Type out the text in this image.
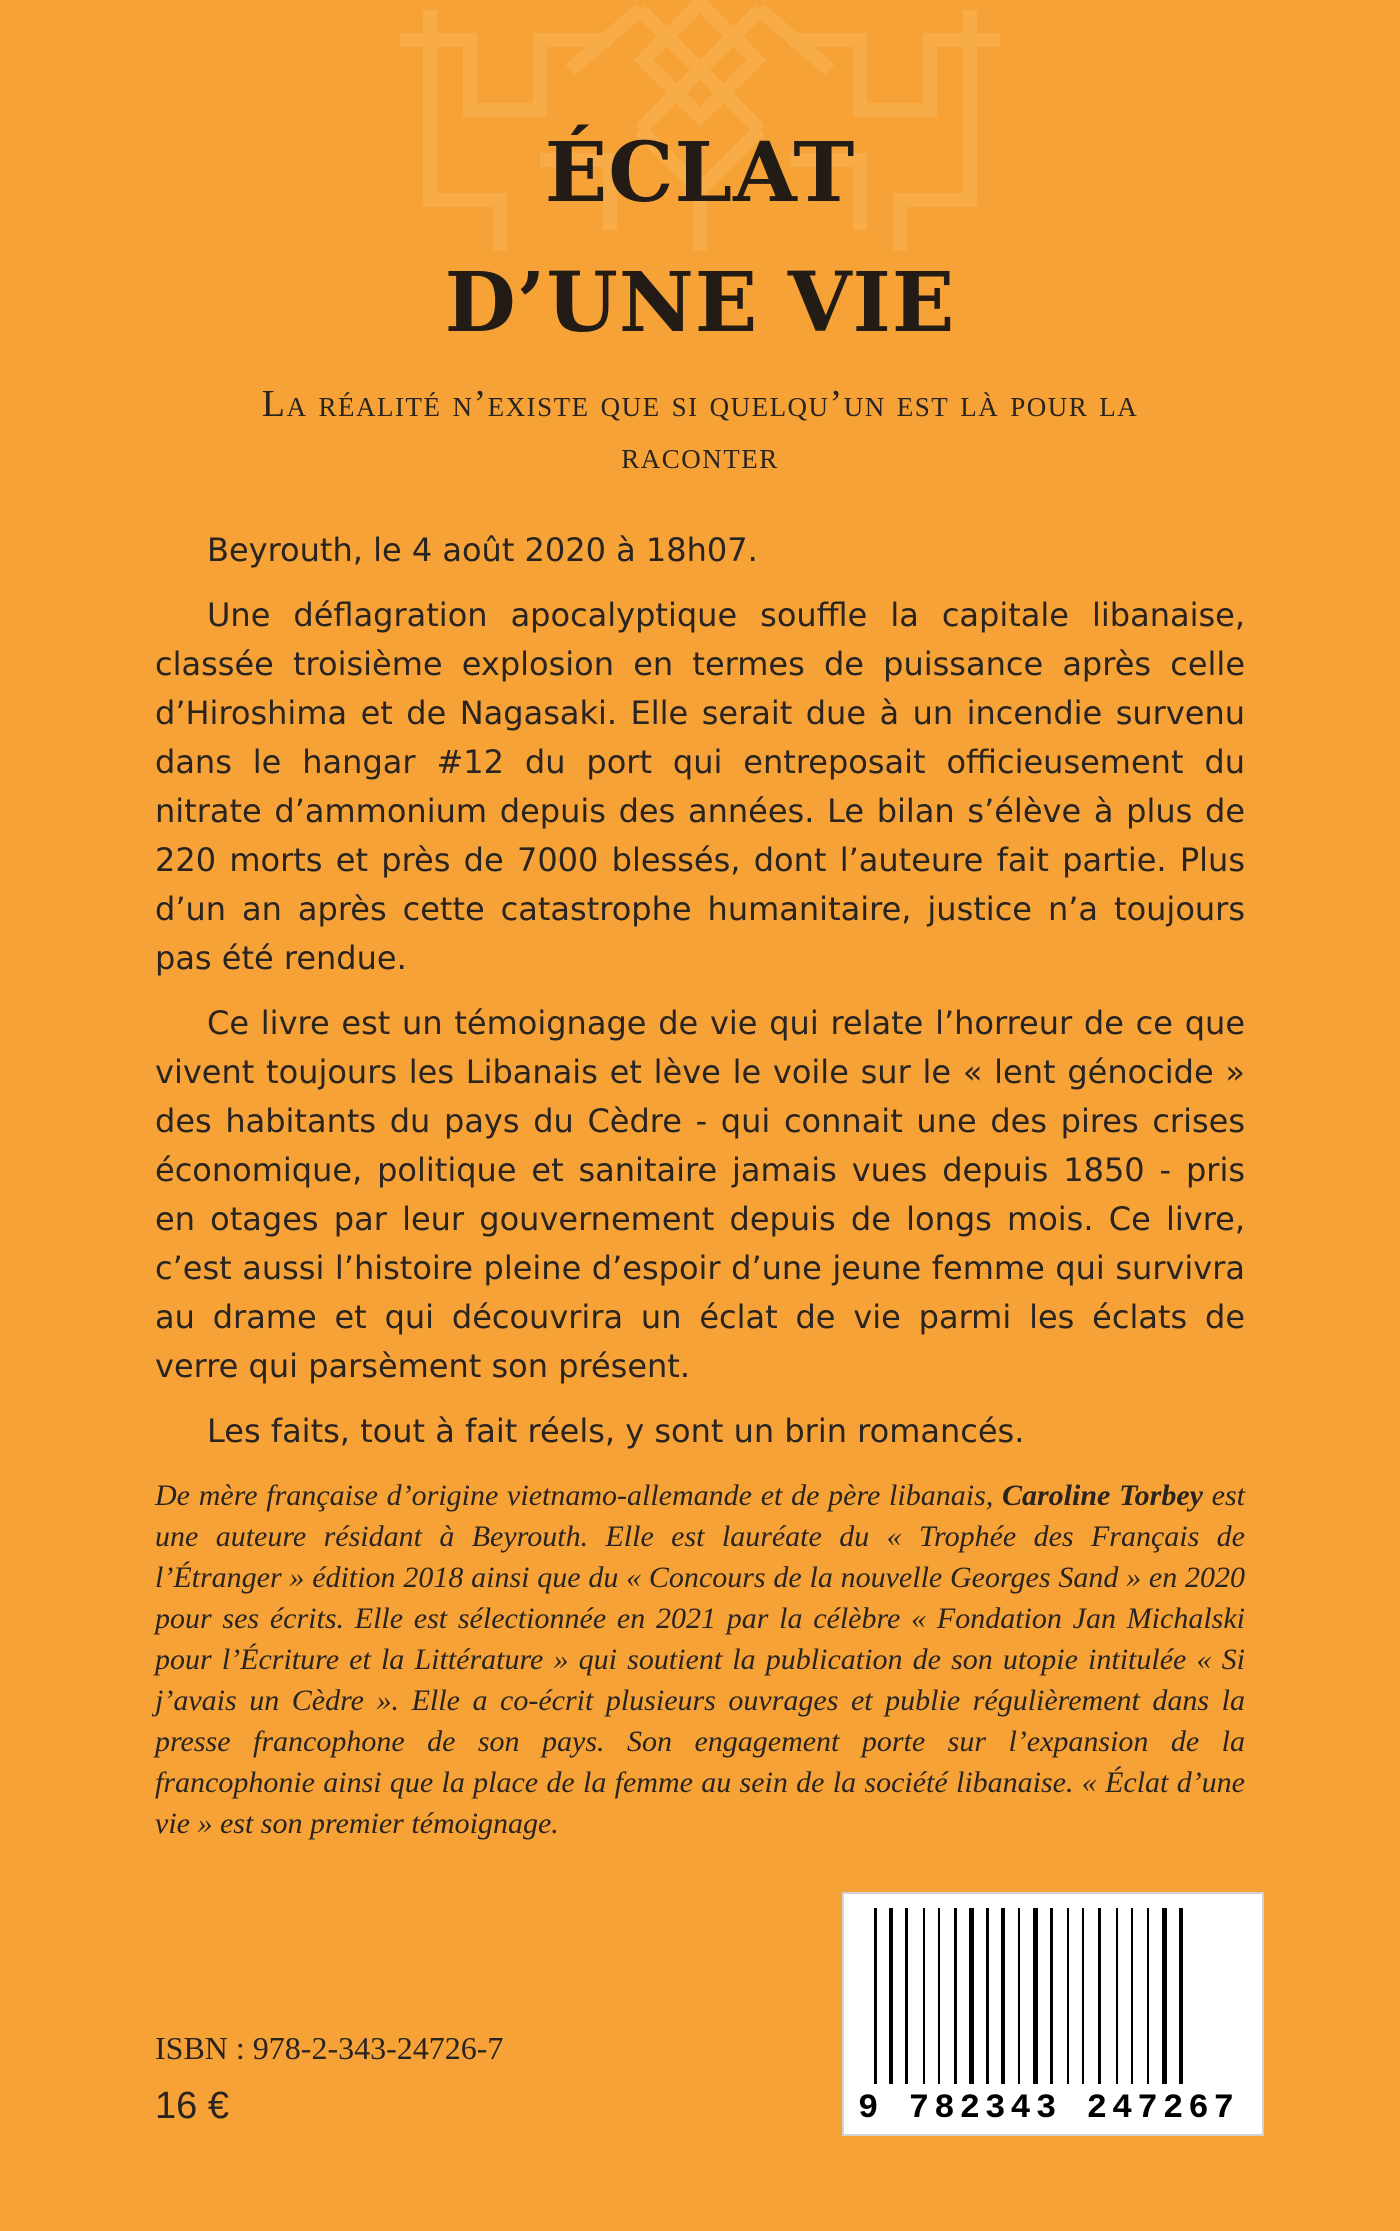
ÉCLAT
D’UNE VIE
La réalité n’existe que si quelqu’un est là pour la raconter

Beyrouth, le 4 août 2020 à 18h07.

Une déflagration apocalyptique souffle la capitale libanaise, classée troisième explosion en termes de puissance après celle d’Hiroshima et de Nagasaki. Elle serait due à un incendie survenu dans le hangar #12 du port qui entreposait officieusement du nitrate d’ammonium depuis des années. Le bilan s’élève à plus de 220 morts et près de 7000 blessés, dont l’auteure fait partie. Plus d’un an après cette catastrophe humanitaire, justice n’a toujours pas été rendue.

Ce livre est un témoignage de vie qui relate l’horreur de ce que vivent toujours les Libanais et lève le voile sur le « lent génocide » des habitants du pays du Cèdre - qui connait une des pires crises économique, politique et sanitaire jamais vues depuis 1850 - pris en otages par leur gouvernement depuis de longs mois. Ce livre, c’est aussi l’histoire pleine d’espoir d’une jeune femme qui survivra au drame et qui découvrira un éclat de vie parmi les éclats de verre qui parsèment son présent.

Les faits, tout à fait réels, y sont un brin romancés.

De mère française d’origine vietnamo-allemande et de père libanais, Caroline Torbey est une auteure résidant à Beyrouth. Elle est lauréate du « Trophée des Français de l’Étranger » édition 2018 ainsi que du « Concours de la nouvelle Georges Sand » en 2020 pour ses écrits. Elle est sélectionnée en 2021 par la célèbre « Fondation Jan Michalski pour l’Écriture et la Littérature » qui soutient la publication de son utopie intitulée « Si j’avais un Cèdre ». Elle a co-écrit plusieurs ouvrages et publie régulièrement dans la presse francophone de son pays. Son engagement porte sur l’expansion de la francophonie ainsi que la place de la femme au sein de la société libanaise. « Éclat d’une vie » est son premier témoignage.

9 782343 247267
ISBN : 978-2-343-24726-7
16 €
